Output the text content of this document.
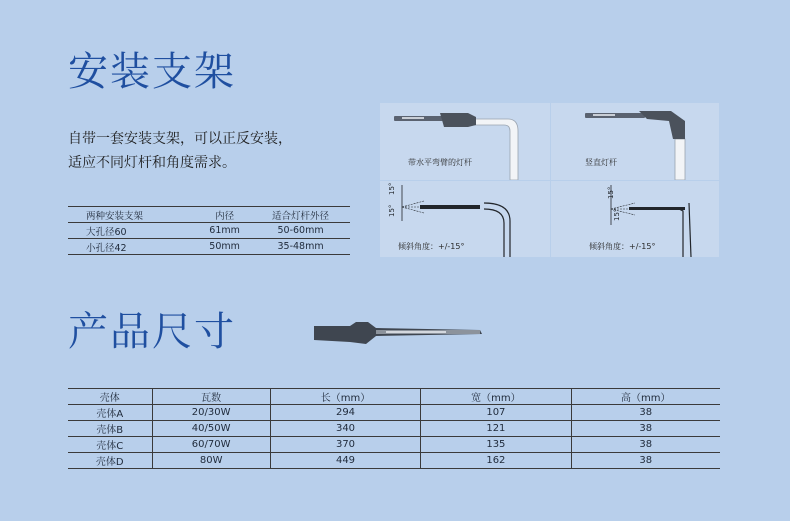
安装支架
自带一套安装支架，可以正反安装，
适应不同灯杆和角度需求。
两种安装支架	内径	适合灯杆外径
大孔径60	61mm	50-60mm
小孔径42	50mm	35-48mm
带水平弯臂的灯杆	竖直灯杆
15°
15°
倾斜角度：+/-15°
15°
15°
倾斜角度：+/-15°
产品尺寸
壳体	瓦数	长（mm）	宽（mm）	高（mm）
壳体A	20/30W	294	107	38
壳体B	40/50W	340	121	38
壳体C	60/70W	370	135	38
壳体D	80W	449	162	38
